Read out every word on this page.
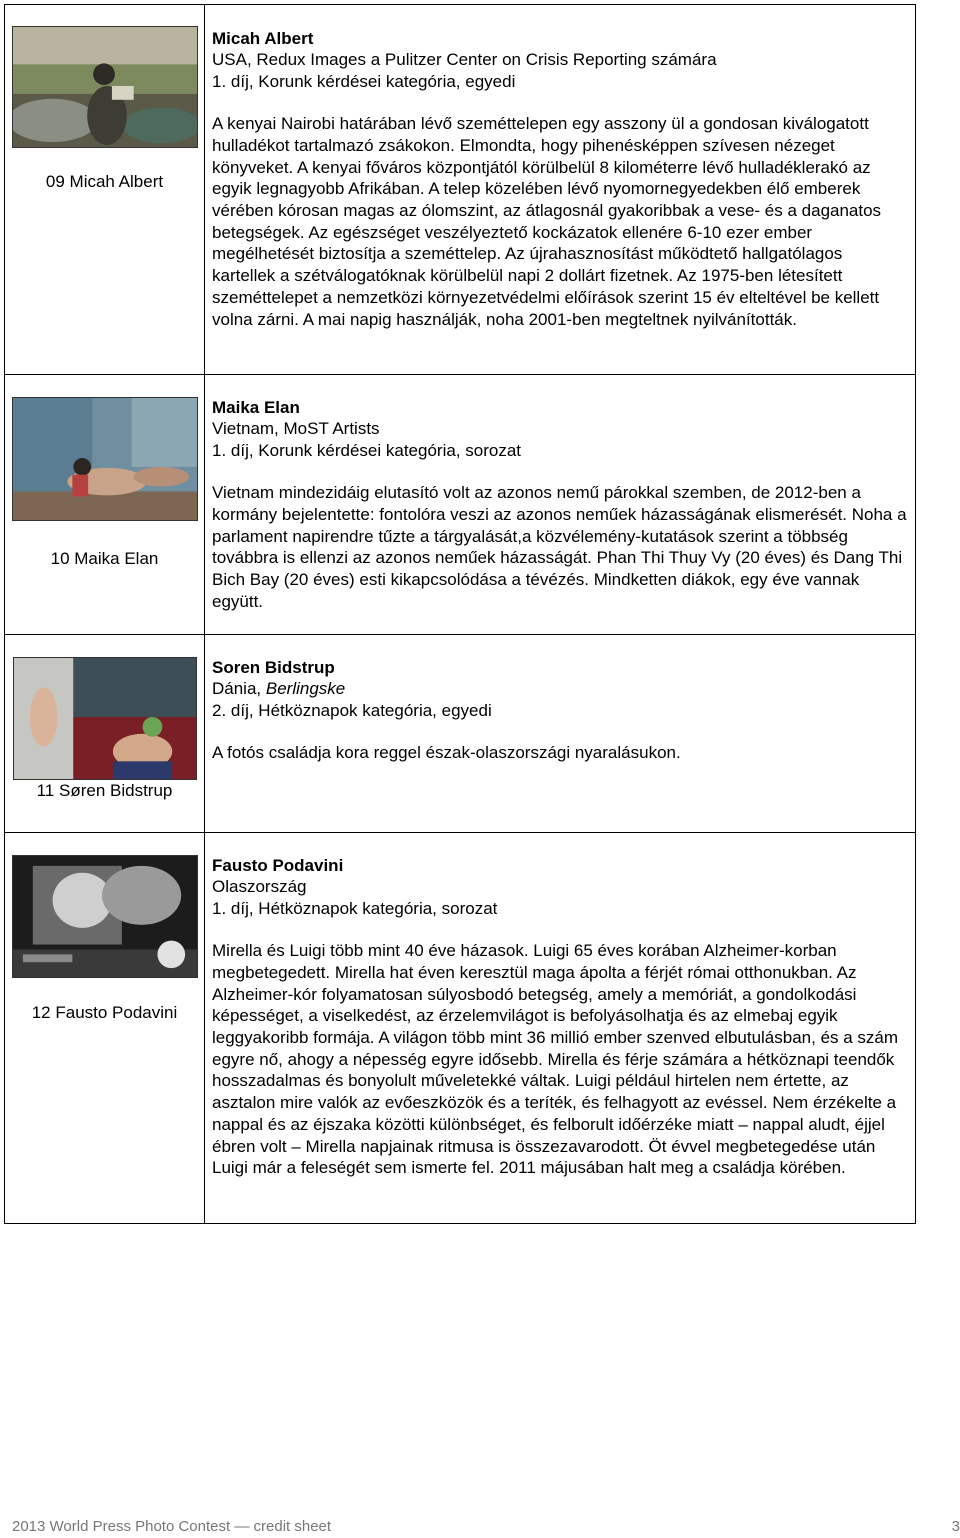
09 Micah Albert	Micah Albert
USA, Redux Images a Pulitzer Center on Crisis Reporting számára
1. díj, Korunk kérdései kategória, egyedi
A kenyai Nairobi határában lévő szeméttelepen egy asszony ül a gondosan kiválogatott hulladékot tartalmazó zsákokon. Elmondta, hogy pihenésképpen szívesen nézeget könyveket. A kenyai főváros központjától körülbelül 8 kilométerre lévő hulladéklerakó az egyik legnagyobb Afrikában. A telep közelében lévő nyomornegyedekben élő emberek vérében kórosan magas az ólomszint, az átlagosnál gyakoribbak a vese- és a daganatos betegségek. Az egészséget veszélyeztető kockázatok ellenére 6-10 ezer ember megélhetését biztosítja a szeméttelep. Az újrahasznosítást működtető hallgatólagos kartellek a szétválogatóknak körülbelül napi 2 dollárt fizetnek. Az 1975-ben létesített szeméttelepet a nemzetközi környezetvédelmi előírások szerint 15 év elteltével be kellett volna zárni. A mai napig használják, noha 2001-ben megteltnek nyilvánították.

10 Maika Elan	Maika Elan
Vietnam, MoST Artists
1. díj, Korunk kérdései kategória, sorozat
Vietnam mindezidáig elutasító volt az azonos nemű párokkal szemben, de 2012-ben a kormány bejelentette: fontolóra veszi az azonos neműek házasságának elismerését. Noha a parlament napirendre tűzte a tárgyalását,a közvélemény-kutatások szerint a többség továbbra is ellenzi az azonos neműek házasságát. Phan Thi Thuy Vy (20 éves) és Dang Thi Bich Bay (20 éves) esti kikapcsolódása a tévézés. Mindketten diákok, egy éve vannak együtt.

11 Søren Bidstrup	Soren Bidstrup
Dánia, Berlingske
2. díj, Hétköznapok kategória, egyedi
A fotós családja kora reggel észak-olaszországi nyaralásukon.

12 Fausto Podavini	Fausto Podavini
Olaszország
1. díj, Hétköznapok kategória, sorozat
Mirella és Luigi több mint 40 éve házasok. Luigi 65 éves korában Alzheimer-korban megbetegedett. Mirella hat éven keresztül maga ápolta a férjét római otthonukban. Az Alzheimer-kór folyamatosan súlyosbodó betegség, amely a memóriát, a gondolkodási képességet, a viselkedést, az érzelemvilágot is befolyásolhatja és az elmebaj egyik leggyakoribb formája. A világon több mint 36 millió ember szenved elbutulásban, és a szám egyre nő, ahogy a népesség egyre idősebb. Mirella és férje számára a hétköznapi teendők hosszadalmas és bonyolult műveletekké váltak. Luigi például hirtelen nem értette, az asztalon mire valók az evőeszközök és a teríték, és felhagyott az evéssel. Nem érzékelte a nappal és az éjszaka közötti különbséget, és felborult időérzéke miatt – nappal aludt, éjjel ébren volt – Mirella napjainak ritmusa is összezavarodott. Öt évvel megbetegedése után Luigi már a feleségét sem ismerte fel. 2011 májusában halt meg a családja körében.
2013 World Press Photo Contest — credit sheet	3
